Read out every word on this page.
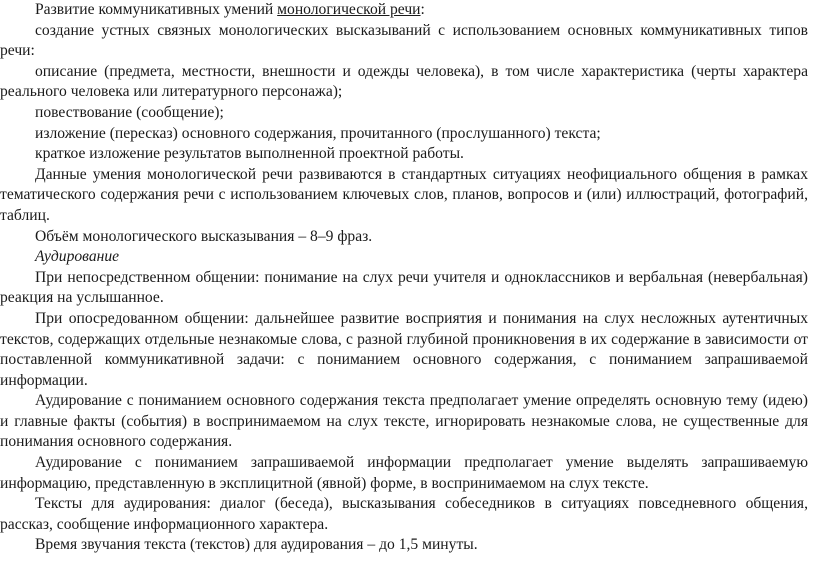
Развитие коммуникативных умений монологической речи:

создание устных связных монологических высказываний с использованием основных коммуникативных типов речи:

описание (предмета, местности, внешности и одежды человека), в том числе характеристика (черты характера реального человека или литературного персонажа);

повествование (сообщение);

изложение (пересказ) основного содержания, прочитанного (прослушанного) текста;

краткое изложение результатов выполненной проектной работы.

Данные умения монологической речи развиваются в стандартных ситуациях неофициального общения в рамках тематического содержания речи с использованием ключевых слов, планов, вопросов и (или) иллюстраций, фотографий, таблиц.

Объём монологического высказывания – 8–9 фраз.

Аудирование

При непосредственном общении: понимание на слух речи учителя и одноклассников и вербальная (невербальная) реакция на услышанное.

При опосредованном общении: дальнейшее развитие восприятия и понимания на слух несложных аутентичных текстов, содержащих отдельные незнакомые слова, с разной глубиной проникновения в их содержание в зависимости от поставленной коммуникативной задачи: с пониманием основного содержания, с пониманием запрашиваемой информации.

Аудирование с пониманием основного содержания текста предполагает умение определять основную тему (идею) и главные факты (события) в воспринимаемом на слух тексте, игнорировать незнакомые слова, не существенные для понимания основного содержания.

Аудирование с пониманием запрашиваемой информации предполагает умение выделять запрашиваемую информацию, представленную в эксплицитной (явной) форме, в воспринимаемом на слух тексте.

Тексты для аудирования: диалог (беседа), высказывания собеседников в ситуациях повседневного общения, рассказ, сообщение информационного характера.

Время звучания текста (текстов) для аудирования – до 1,5 минуты.
